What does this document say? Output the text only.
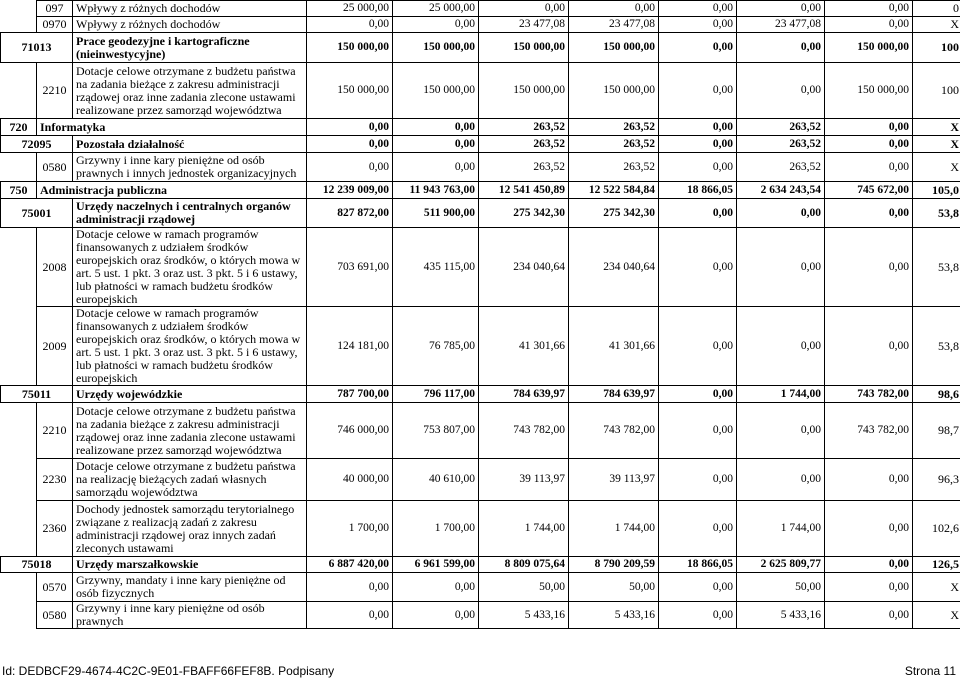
	097	Wpływy z różnych dochodów	25 000,00	25 000,00	0,00	0,00	0,00	0,00	0,00	0
	0970	Wpływy z różnych dochodów	0,00	0,00	23 477,08	23 477,08	0,00	23 477,08	0,00	X
71013		Prace geodezyjne i kartograficzne (nieinwestycyjne)	150 000,00	150 000,00	150 000,00	150 000,00	0,00	0,00	150 000,00	100
	2210	Dotacje celowe otrzymane z budżetu państwa na zadania bieżące z zakresu administracji rządowej oraz inne zadania zlecone ustawami realizowane przez samorząd województwa	150 000,00	150 000,00	150 000,00	150 000,00	0,00	0,00	150 000,00	100
720	Informatyka		0,00	0,00	263,52	263,52	0,00	263,52	0,00	X
72095		Pozostała działalność	0,00	0,00	263,52	263,52	0,00	263,52	0,00	X
	0580	Grzywny i inne kary pieniężne od osób prawnych i innych jednostek organizacyjnych	0,00	0,00	263,52	263,52	0,00	263,52	0,00	X
750	Administracja publiczna		12 239 009,00	11 943 763,00	12 541 450,89	12 522 584,84	18 866,05	2 634 243,54	745 672,00	105,0
75001		Urzędy naczelnych i centralnych organów administracji rządowej	827 872,00	511 900,00	275 342,30	275 342,30	0,00	0,00	0,00	53,8
	2008	Dotacje celowe w ramach programów finansowanych z udziałem środków europejskich oraz środków, o których mowa w art. 5 ust. 1 pkt. 3 oraz ust. 3 pkt. 5 i 6 ustawy, lub płatności w ramach budżetu środków europejskich	703 691,00	435 115,00	234 040,64	234 040,64	0,00	0,00	0,00	53,8
	2009	Dotacje celowe w ramach programów finansowanych z udziałem środków europejskich oraz środków, o których mowa w art. 5 ust. 1 pkt. 3 oraz ust. 3 pkt. 5 i 6 ustawy, lub płatności w ramach budżetu środków europejskich	124 181,00	76 785,00	41 301,66	41 301,66	0,00	0,00	0,00	53,8
75011		Urzędy wojewódzkie	787 700,00	796 117,00	784 639,97	784 639,97	0,00	1 744,00	743 782,00	98,6
	2210	Dotacje celowe otrzymane z budżetu państwa na zadania bieżące z zakresu administracji rządowej oraz inne zadania zlecone ustawami realizowane przez samorząd województwa	746 000,00	753 807,00	743 782,00	743 782,00	0,00	0,00	743 782,00	98,7
	2230	Dotacje celowe otrzymane z budżetu państwa na realizację bieżących zadań własnych samorządu województwa	40 000,00	40 610,00	39 113,97	39 113,97	0,00	0,00	0,00	96,3
	2360	Dochody jednostek samorządu terytorialnego związane z realizacją zadań z zakresu administracji rządowej oraz innych zadań zleconych ustawami	1 700,00	1 700,00	1 744,00	1 744,00	0,00	1 744,00	0,00	102,6
75018		Urzędy marszałkowskie	6 887 420,00	6 961 599,00	8 809 075,64	8 790 209,59	18 866,05	2 625 809,77	0,00	126,5
	0570	Grzywny, mandaty i inne kary pieniężne od osób fizycznych	0,00	0,00	50,00	50,00	0,00	50,00	0,00	X
	0580	Grzywny i inne kary pieniężne od osób prawnych	0,00	0,00	5 433,16	5 433,16	0,00	5 433,16	0,00	X
Id: DEDBCF29-4674-4C2C-9E01-FBAFF66FEF8B. Podpisany	Strona 11
